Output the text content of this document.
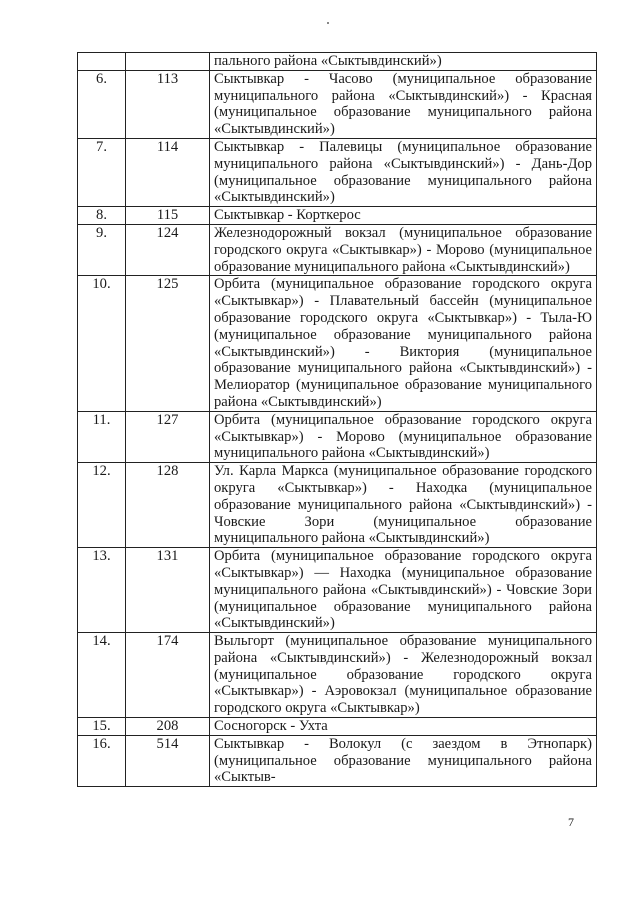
		пального района «Сыктывдинский»)
6.	113	Сыктывкар - Часово (муниципальное образование муниципального района «Сыктывдинский») - Красная (муниципальное образование муниципального района «Сыктывдинский»)
7.	114	Сыктывкар - Палевицы (муниципальное образование муниципального района «Сыктывдинский») - Дань-Дор (муниципальное образование муниципального района «Сыктывдинский»)
8.	115	Сыктывкар - Корткерос
9.	124	Железнодорожный вокзал (муниципальное образование городского округа «Сыктывкар») - Морово (муниципальное образование муниципального района «Сыктывдинский»)
10.	125	Орбита (муниципальное образование городского округа «Сыктывкар») - Плавательный бассейн (муниципальное образование городского округа «Сыктывкар») - Тыла-Ю (муниципальное образование муниципального района «Сыктывдинский») - Виктория (муниципальное образование муниципального района «Сыктывдинский») - Мелиоратор (муниципальное образование муниципального района «Сыктывдинский»)
11.	127	Орбита (муниципальное образование городского округа «Сыктывкар») - Морово (муниципальное образование муниципального района «Сыктывдинский»)
12.	128	Ул. Карла Маркса (муниципальное образование городского округа «Сыктывкар») - Находка (муниципальное образование муниципального района «Сыктывдинский») - Човские Зори (муниципальное образование муниципального района «Сыктывдинский»)
13.	131	Орбита (муниципальное образование городского округа «Сыктывкар») — Находка (муниципальное образование муниципального района «Сыктывдинский») - Човские Зори (муниципальное образование муниципального района «Сыктывдинский»)
14.	174	Выльгорт (муниципальное образование муниципального района «Сыктывдинский») - Железнодорожный вокзал (муниципальное образование городского округа «Сыктывкар») - Аэровокзал (муниципальное образование городского округа «Сыктывкар»)
15.	208	Сосногорск - Ухта
16.	514	Сыктывкар - Волокул (с заездом в Этнопарк) (муниципальное образование муниципального района «Сыктыв-
7
